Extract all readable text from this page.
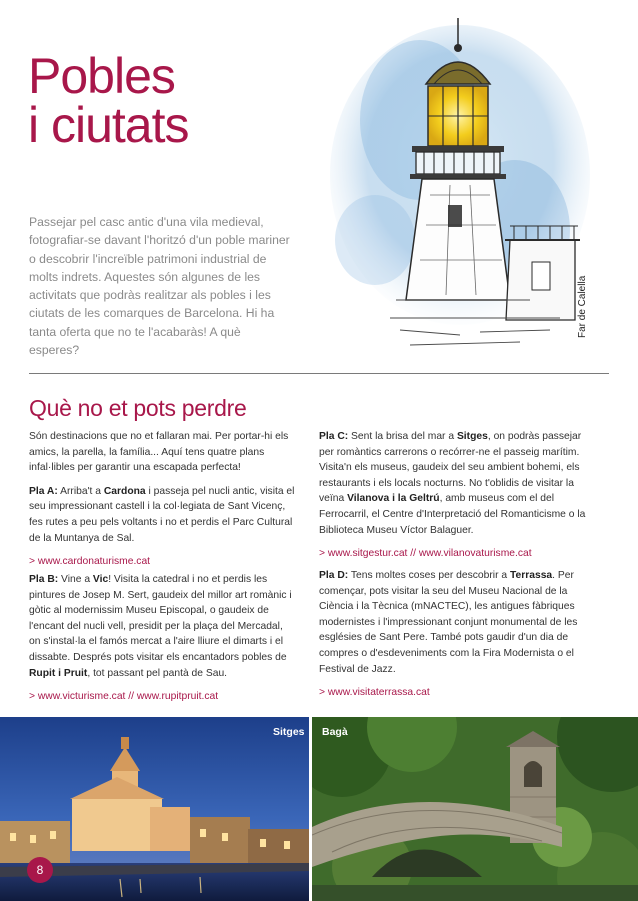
Pobles
i ciutats

Passejar pel casc antic d'una vila medieval, fotografiar-se davant l'horitzó d'un poble mariner o descobrir l'increïble patrimoni industrial de molts indrets. Aquestes són algunes de les activitats que podràs realitzar als pobles i les ciutats de les comarques de Barcelona. Hi ha tanta oferta que no te l'acabaràs! A què esperes?

Far de Calella
Què no et pots perdre

Són destinacions que no et fallaran mai. Per portar-hi els amics, la parella, la família... Aquí tens quatre plans infal·libles per garantir una escapada perfecta!

Pla A: Arriba't a Cardona i passeja pel nucli antic, visita el seu impressionant castell i la col·legiata de Sant Vicenç, fes rutes a peu pels voltants i no et perdis el Parc Cultural de la Muntanya de Sal.

> www.cardonaturisme.cat

Pla B: Vine a Vic! Visita la catedral i no et perdis les pintures de Josep M. Sert, gaudeix del millor art romànic i gòtic al modernissim Museu Episcopal, o gaudeix de l'encant del nucli vell, presidit per la plaça del Mercadal, on s'instal·la el famós mercat a l'aire lliure el dimarts i el dissabte. Després pots visitar els encantadors pobles de Rupit i Pruit, tot passant pel pantà de Sau.

> www.victurisme.cat // www.rupitpruit.cat

Pla C: Sent la brisa del mar a Sitges, on podràs passejar per romàntics carrerons o recórrer-ne el passeig marítim. Visita'n els museus, gaudeix del seu ambient bohemi, els restaurants i els locals nocturns. No t'oblidis de visitar la veïna Vilanova i la Geltrú, amb museus com el del Ferrocarril, el Centre d'Interpretació del Romanticisme o la Biblioteca Museu Víctor Balaguer.

> www.sitgestur.cat // www.vilanovaturisme.cat

Pla D: Tens moltes coses per descobrir a Terrassa. Per començar, pots visitar la seu del Museu Nacional de la Ciència i la Tècnica (mNACTEC), les antigues fàbriques modernistes i l'impressionant conjunt monumental de les esglésies de Sant Pere. També pots gaudir d'un dia de compres o d'esdeveniments com la Fira Modernista o el Festival de Jazz.

> www.visitaterrassa.cat

Sitges Bagà
8
